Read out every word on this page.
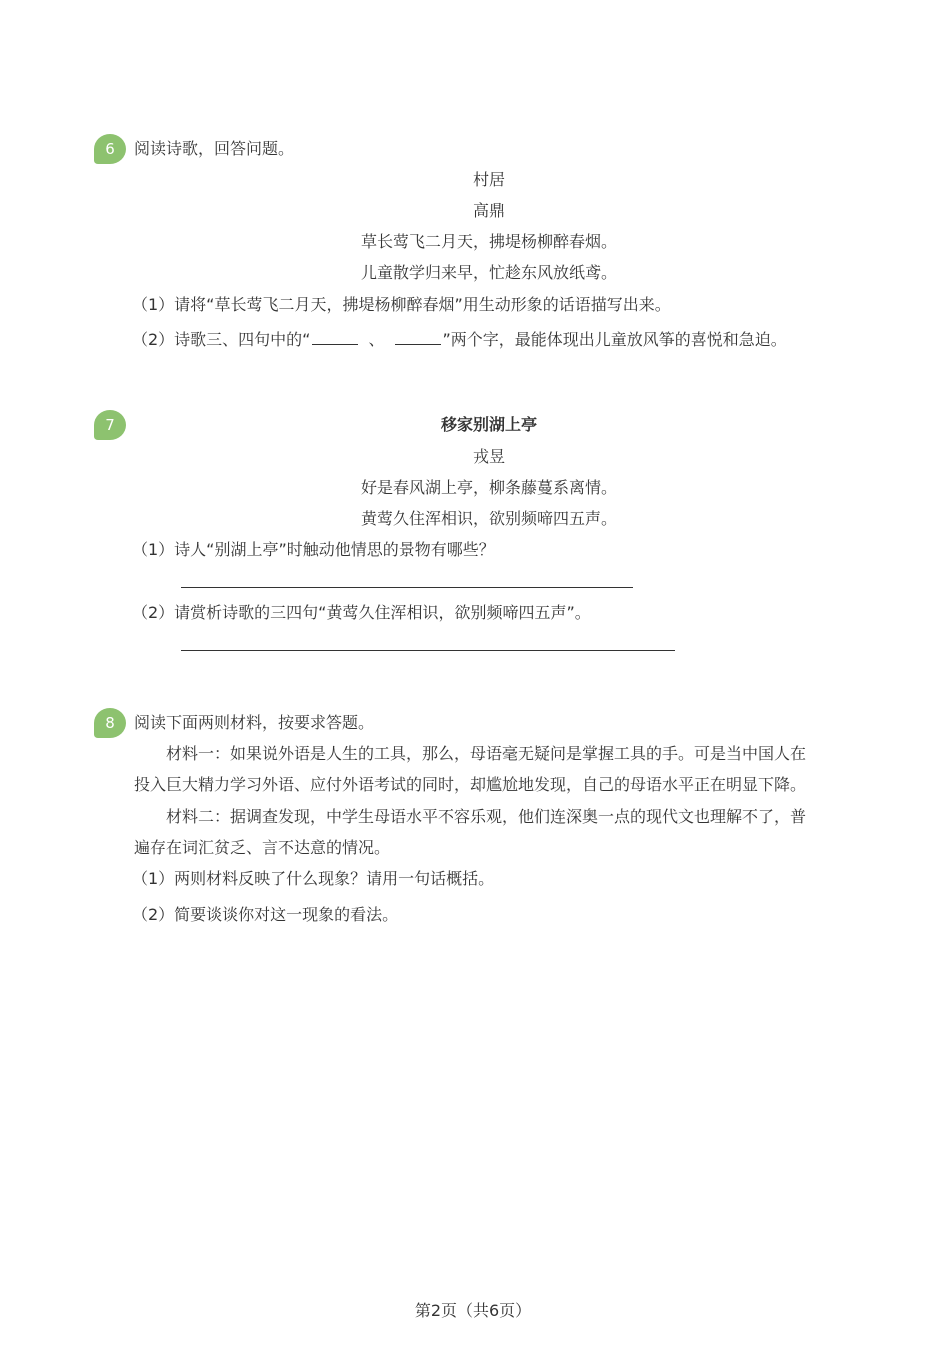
6	阅读诗歌，回答问题。
村居
高鼎
草长莺飞二月天，拂堤杨柳醉春烟。
儿童散学归来早，忙趁东风放纸鸢。
（1）请将“草长莺飞二月天，拂堤杨柳醉春烟”用生动形象的话语描写出来。
（2）诗歌三、四句中的“	、	”两个字，最能体现出儿童放风筝的喜悦和急迫。
7	移家别湖上亭
戎昱
好是春风湖上亭，柳条藤蔓系离情。
黄莺久住浑相识，欲别频啼四五声。
（1）诗人“别湖上亭”时触动他情思的景物有哪些？
（2）请赏析诗歌的三四句“黄莺久住浑相识，欲别频啼四五声”。
8	阅读下面两则材料，按要求答题。
材料一：如果说外语是人生的工具，那么，母语毫无疑问是掌握工具的手。可是当中国人在
投入巨大精力学习外语、应付外语考试的同时，却尴尬地发现，自己的母语水平正在明显下降。
材料二：据调查发现，中学生母语水平不容乐观，他们连深奥一点的现代文也理解不了，普
遍存在词汇贫乏、言不达意的情况。
（1）两则材料反映了什么现象？请用一句话概括。
（2）简要谈谈你对这一现象的看法。
第2页（共6页）
